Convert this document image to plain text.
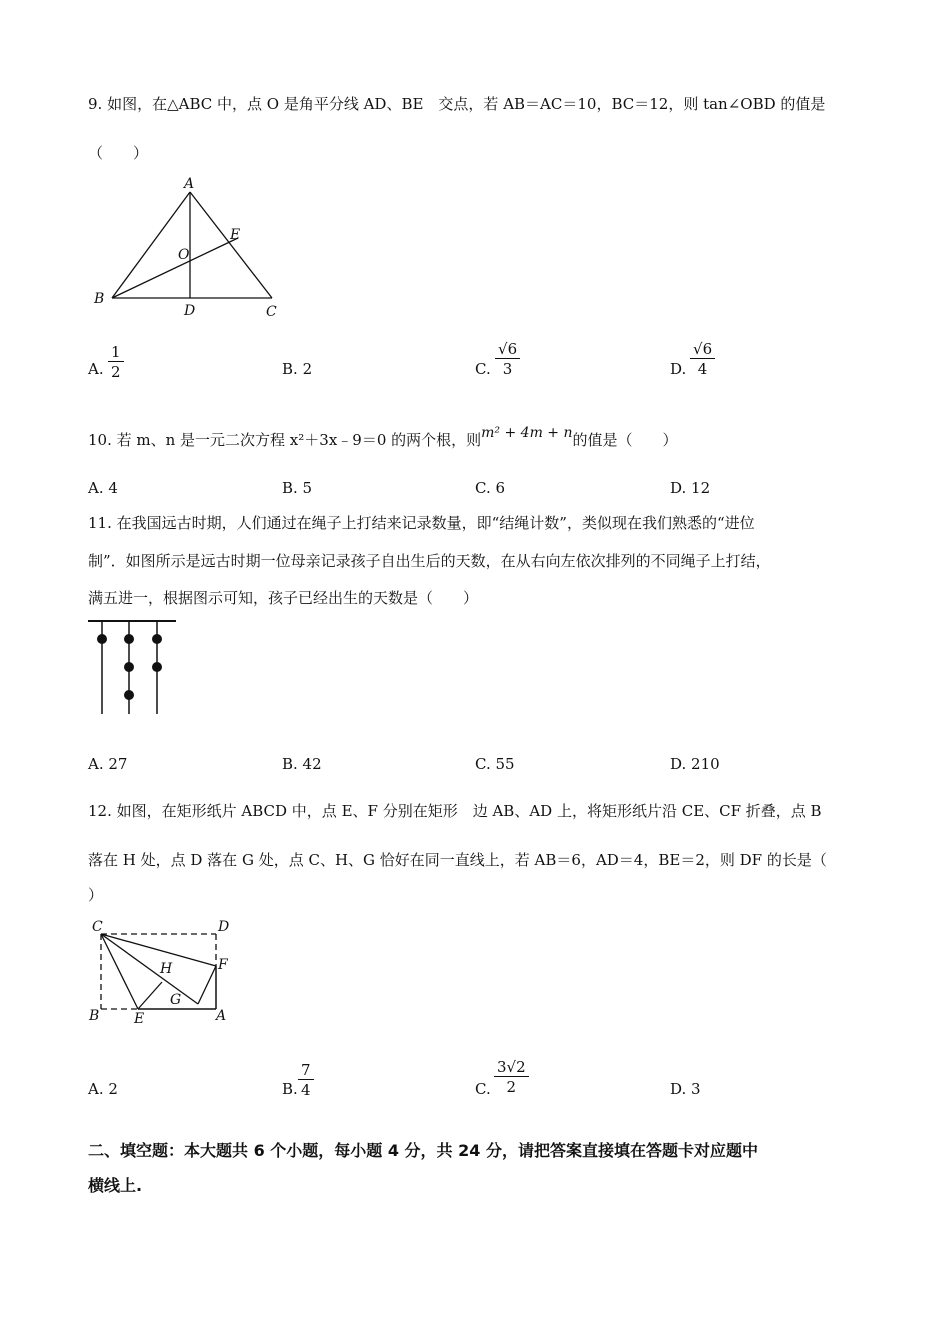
9. 如图，在△ABC 中，点 O 是角平分线 AD、BE　交点，若 AB＝AC＝10，BC＝12，则 tan∠OBD 的值是
（　　）
A
B
C
D
E
O
A.
1
2	B. 2	C.
√6
3	D.
√6
4
10. 若 m、n 是一元二次方程 x²＋3x﹣9＝0 的两个根，则m² + 4m + n的值是（　　）
A. 4	B. 5	C. 6	D. 12
11. 在我国远古时期，人们通过在绳子上打结来记录数量，即“结绳计数”，类似现在我们熟悉的“进位
制”．如图所示是远古时期一位母亲记录孩子自出生后的天数，在从右向左依次排列的不同绳子上打结，
满五进一，根据图示可知，孩子已经出生的天数是（　　）
A. 27	B. 42	C. 55	D. 210
12. 如图，在矩形纸片 ABCD 中，点 E、F 分别在矩形　边 AB、AD 上，将矩形纸片沿 CE、CF 折叠，点 B
落在 H 处，点 D 落在 G 处，点 C、H、G 恰好在同一直线上，若 AB＝6，AD＝4，BE＝2，则 DF 的长是（
）
C	D
F
H
G
B E	A
A. 2	B.
7
4	C.
3√2
2	D. 3
二、填空题：本大题共 6 个小题，每小题 4 分，共 24 分，请把答案直接填在答题卡对应题中
横线上.
